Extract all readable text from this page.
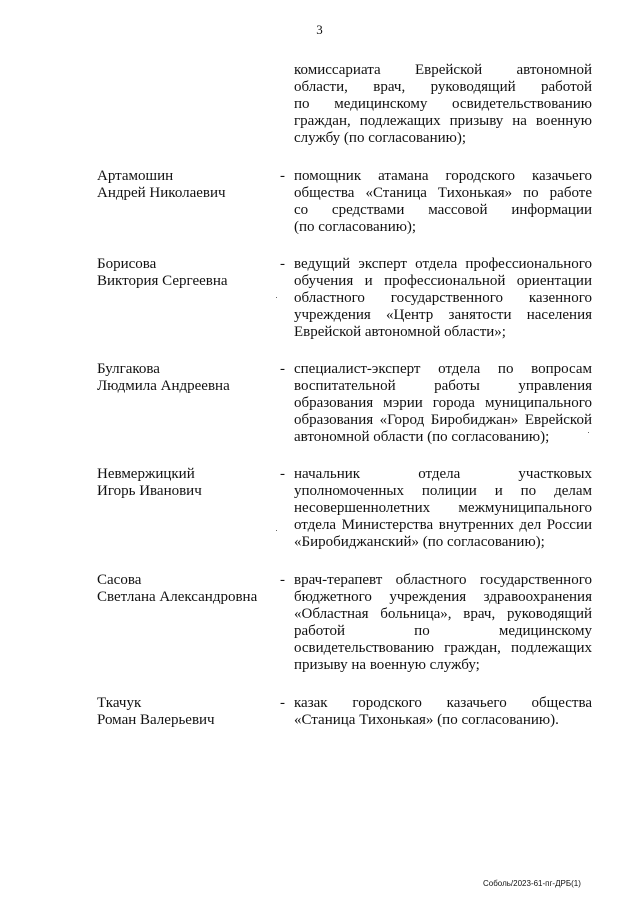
3
комиссариата Еврейской автономной
области, врач, руководящий работой
по медицинскому освидетельствованию
граждан, подлежащих призыву на военную
службу (по согласованию);
Артамошин
Андрей Николаевич
- помощник атамана городского казачьего
общества «Станица Тихонькая» по работе
со средствами массовой информации
(по согласованию);
Борисова
Виктория Сергеевна
- ведущий эксперт отдела профессионального
обучения и профессиональной ориентации
областного государственного казенного
учреждения «Центр занятости населения
Еврейской автономной области»;
Булгакова
Людмила Андреевна
- специалист-эксперт отдела по вопросам
воспитательной работы управления
образования мэрии города муниципального
образования «Город Биробиджан» Еврейской
автономной области (по согласованию);
Невмержицкий
Игорь Иванович
- начальник отдела участковых
уполномоченных полиции и по делам
несовершеннолетних межмуниципального
отдела Министерства внутренних дел России
«Биробиджанский» (по согласованию);
Сасова
Светлана Александровна
- врач-терапевт областного государственного
бюджетного учреждения здравоохранения
«Областная больница», врач, руководящий
работой по медицинскому
освидетельствованию граждан, подлежащих
призыву на военную службу;
Ткачук
Роман Валерьевич
- казак городского казачьего общества
«Станица Тихонькая» (по согласованию).
Соболь/2023-61-пг-ДРБ(1)
